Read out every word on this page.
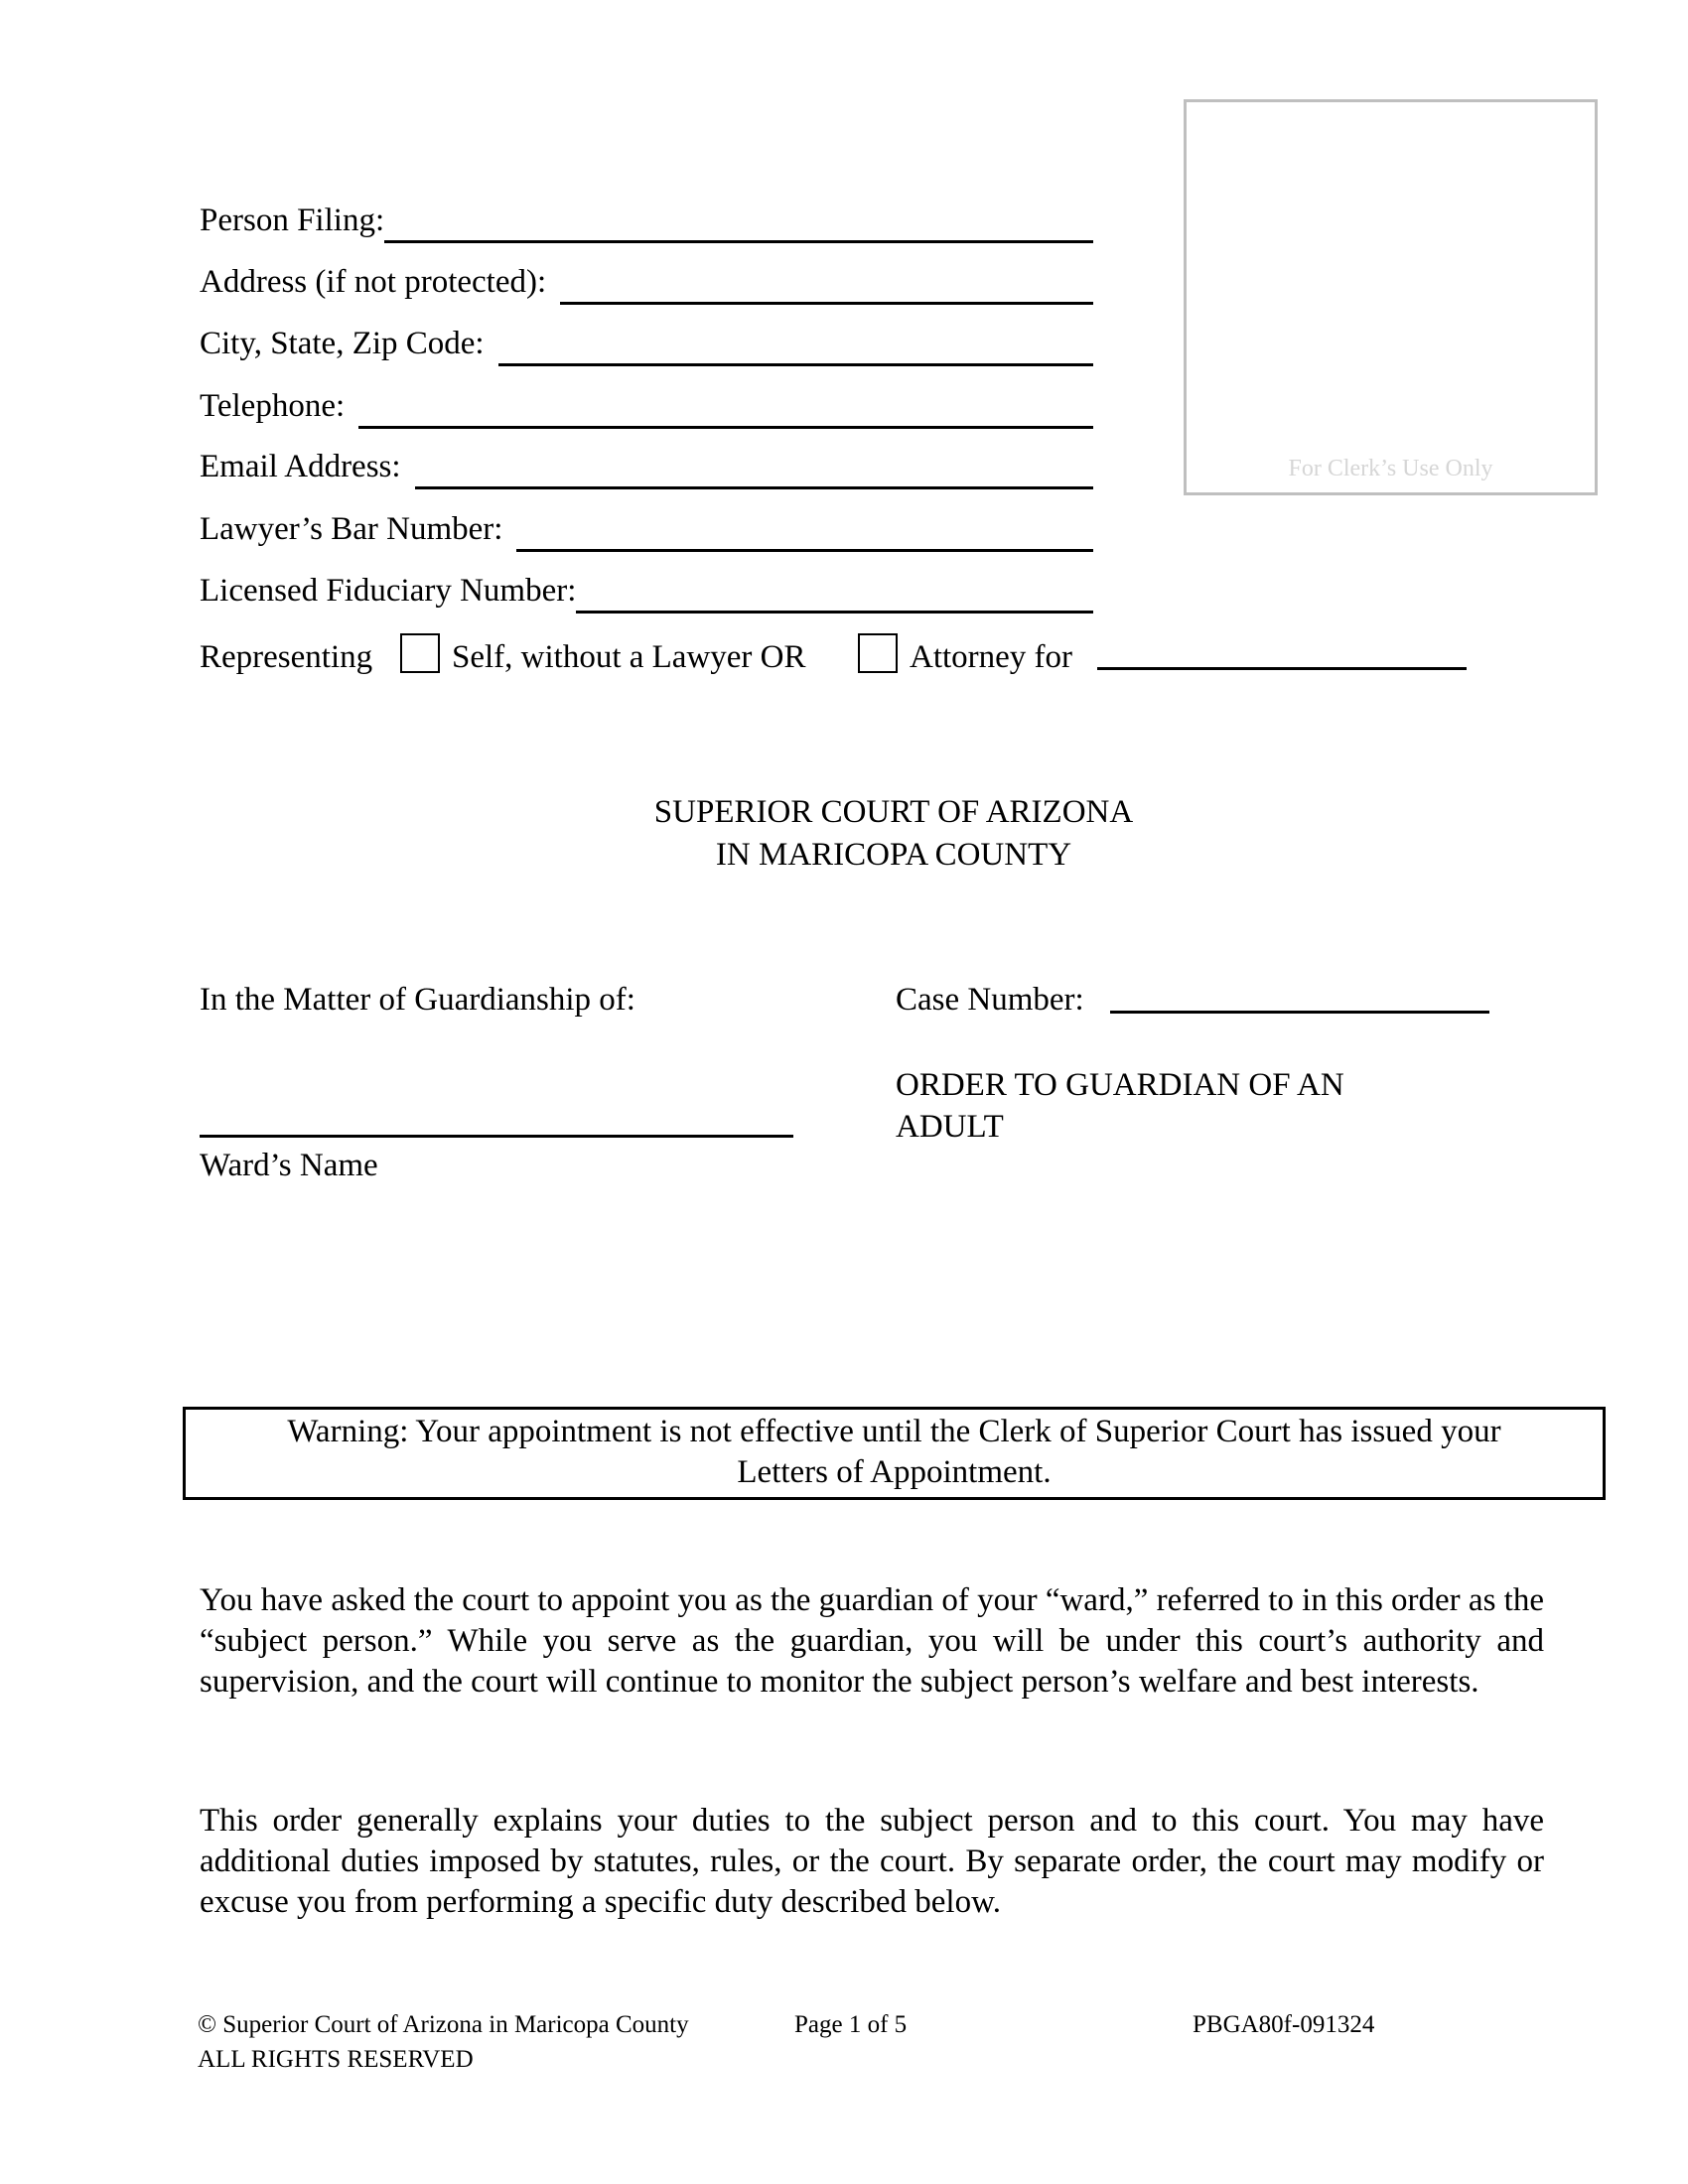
Person Filing:
Address (if not protected):
City, State, Zip Code:
Telephone:
Email Address:
Lawyer’s Bar Number:
Licensed Fiduciary Number:
Representing Self, without a Lawyer OR	Attorney for
For Clerk’s Use Only
SUPERIOR COURT OF ARIZONA
IN MARICOPA COUNTY
In the Matter of Guardianship of:
Ward’s Name
Case Number:
ORDER TO GUARDIAN OF AN
ADULT
Warning: Your appointment is not effective until the Clerk of Superior Court has issued your
Letters of Appointment.

You have asked the court to appoint you as the guardian of your “ward,” referred to in this order as the “subject person.” While you serve as the guardian, you will be under this court’s authority and supervision, and the court will continue to monitor the subject person’s welfare and best interests.

This order generally explains your duties to the subject person and to this court. You may have additional duties imposed by statutes, rules, or the court. By separate order, the court may modify or excuse you from performing a specific duty described below.

© Superior Court of Arizona in Maricopa County
ALL RIGHTS RESERVED
Page 1 of 5	PBGA80f-091324
